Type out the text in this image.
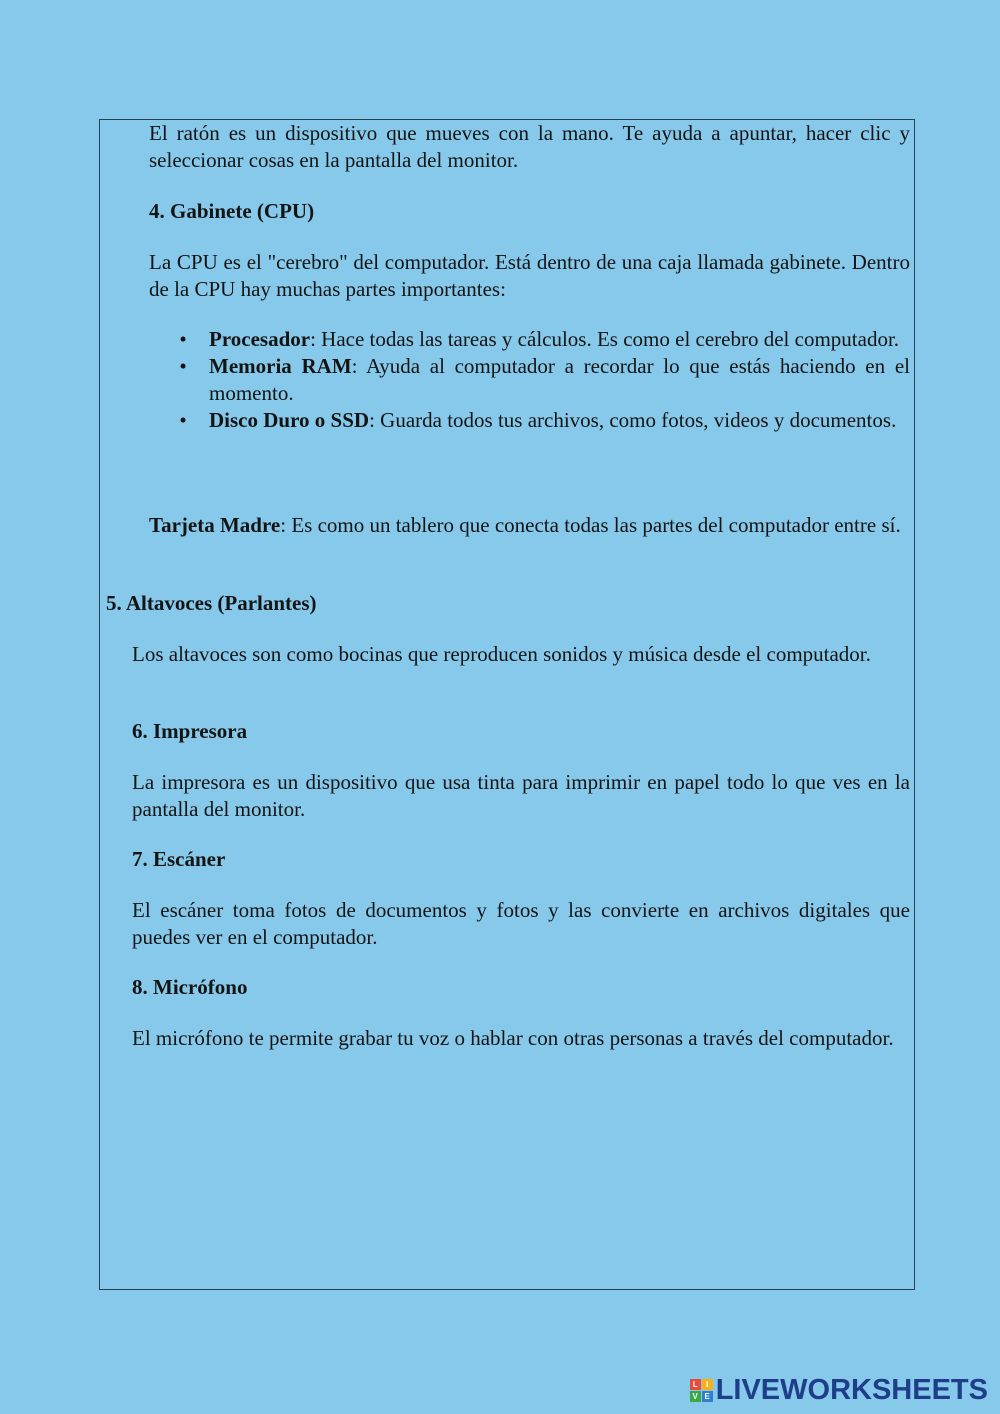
El ratón es un dispositivo que mueves con la mano. Te ayuda a apuntar, hacer clic y seleccionar cosas en la pantalla del monitor.

4. Gabinete (CPU)

La CPU es el "cerebro" del computador. Está dentro de una caja llamada gabinete. Dentro de la CPU hay muchas partes importantes:

• Procesador: Hace todas las tareas y cálculos. Es como el cerebro del computador.
• Memoria RAM: Ayuda al computador a recordar lo que estás haciendo en el momento.
• Disco Duro o SSD: Guarda todos tus archivos, como fotos, videos y documentos.

Tarjeta Madre: Es como un tablero que conecta todas las partes del computador entre sí.

5. Altavoces (Parlantes)

Los altavoces son como bocinas que reproducen sonidos y música desde el computador.

6. Impresora

La impresora es un dispositivo que usa tinta para imprimir en papel todo lo que ves en la pantalla del monitor.

7. Escáner

El escáner toma fotos de documentos y fotos y las convierte en archivos digitales que puedes ver en el computador.

8. Micrófono

El micrófono te permite grabar tu voz o hablar con otras personas a través del computador.

L	I
V E LIVEWORKSHEETS
